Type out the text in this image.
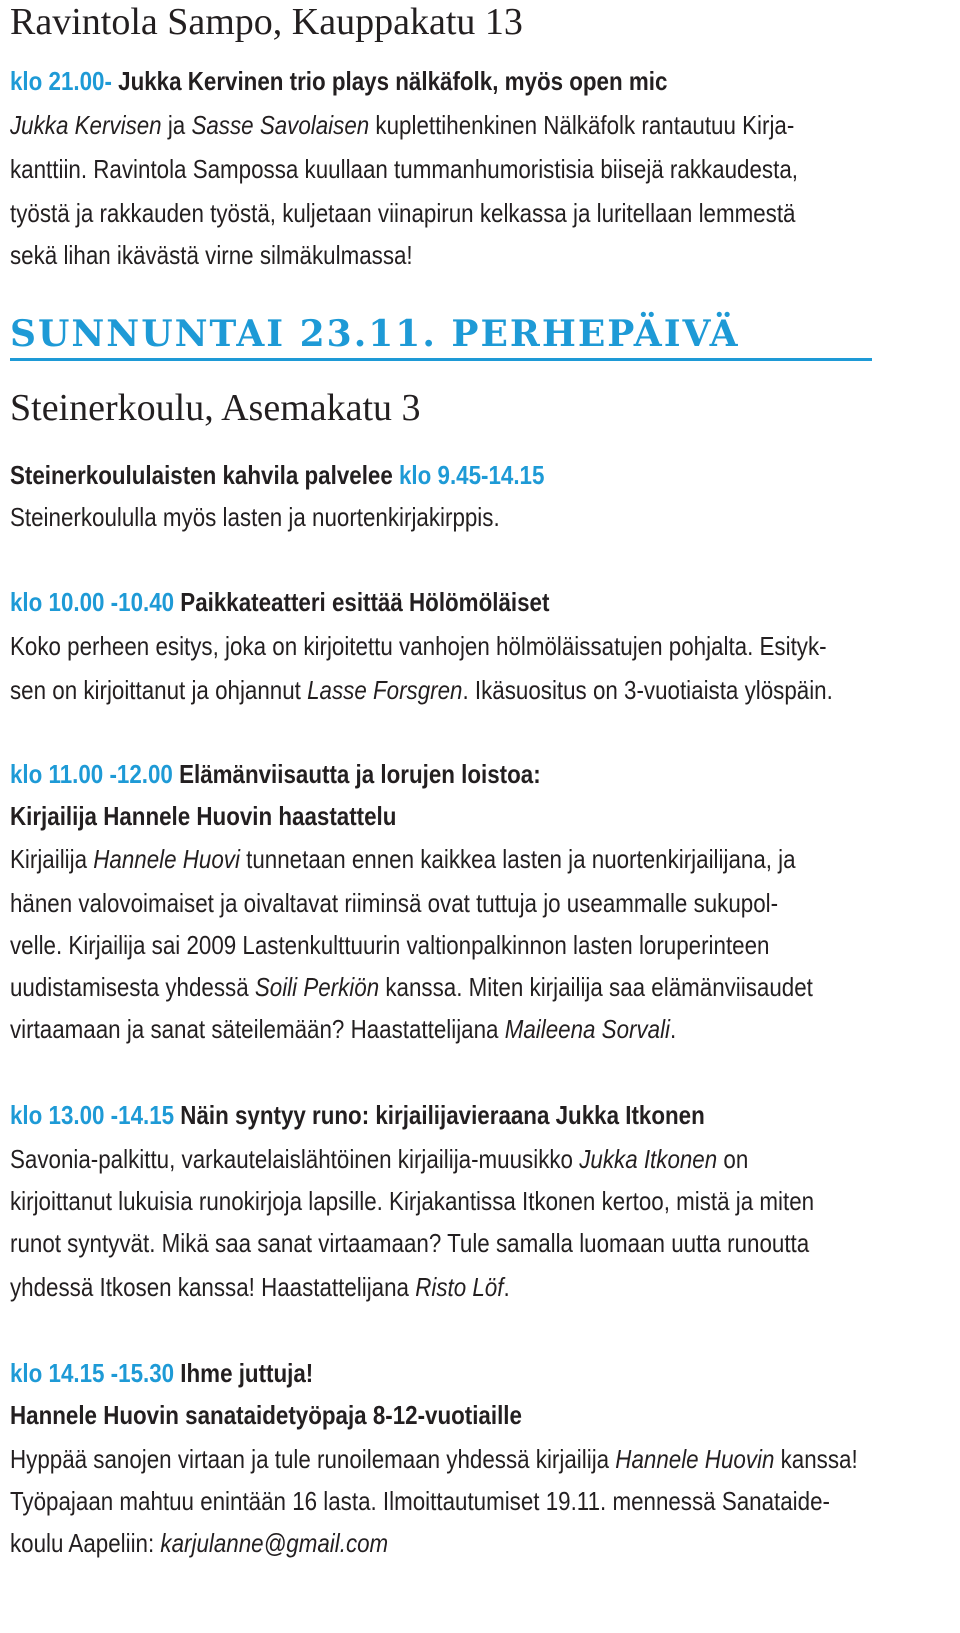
Ravintola Sampo, Kauppakatu 13
klo 21.00- Jukka Kervinen trio plays nälkäfolk, myös open mic
Jukka Kervisen ja Sasse Savolaisen kuplettihenkinen Nälkäfolk rantautuu Kirja-
kanttiin. Ravintola Sampossa kuullaan tummanhumoristisia biisejä rakkaudesta,
työstä ja rakkauden työstä, kuljetaan viinapirun kelkassa ja luritellaan lemmestä
sekä lihan ikävästä virne silmäkulmassa!
SUNNUNTAI 23.11. PERHEPÄIVÄ
Steinerkoulu, Asemakatu 3
Steinerkoululaisten kahvila palvelee klo 9.45-14.15
Steinerkoululla myös lasten ja nuortenkirjakirppis.
klo 10.00 -10.40 Paikkateatteri esittää Hölömöläiset
Koko perheen esitys, joka on kirjoitettu vanhojen hölmöläissatujen pohjalta. Esityk-
sen on kirjoittanut ja ohjannut Lasse Forsgren. Ikäsuositus on 3-vuotiaista ylöspäin.
klo 11.00 -12.00 Elämänviisautta ja lorujen loistoa:
Kirjailija Hannele Huovin haastattelu
Kirjailija Hannele Huovi tunnetaan ennen kaikkea lasten ja nuortenkirjailijana, ja
hänen valovoimaiset ja oivaltavat riiminsä ovat tuttuja jo useammalle sukupol-
velle. Kirjailija sai 2009 Lastenkulttuurin valtionpalkinnon lasten loruperinteen
uudistamisesta yhdessä Soili Perkiön kanssa. Miten kirjailija saa elämänviisaudet
virtaamaan ja sanat säteilemään? Haastattelijana Maileena Sorvali.
klo 13.00 -14.15 Näin syntyy runo: kirjailijavieraana Jukka Itkonen
Savonia-palkittu, varkautelaislähtöinen kirjailija-muusikko Jukka Itkonen on
kirjoittanut lukuisia runokirjoja lapsille. Kirjakantissa Itkonen kertoo, mistä ja miten
runot syntyvät. Mikä saa sanat virtaamaan? Tule samalla luomaan uutta runoutta
yhdessä Itkosen kanssa! Haastattelijana Risto Löf.
klo 14.15 -15.30 Ihme juttuja!
Hannele Huovin sanataidetyöpaja 8-12-vuotiaille
Hyppää sanojen virtaan ja tule runoilemaan yhdessä kirjailija Hannele Huovin kanssa!
Työpajaan mahtuu enintään 16 lasta. Ilmoittautumiset 19.11. mennessä Sanataide-
koulu Aapeliin: karjulanne@gmail.com
